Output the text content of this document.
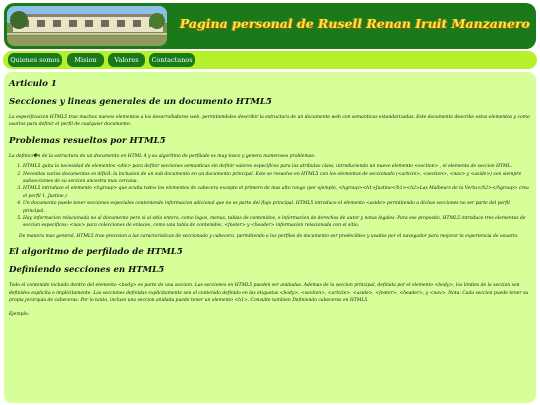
Pagina personal de Rusell Renan Iruit Manzanero
Quienes somos	Mision	Valores	Contactanos
Articulo 1
Secciones y lineas generales de un documento HTML5

La especificacion HTML5 trae muchos nuevos elementos a los desarrolladores web, permitiendoles describir la estructura de un documento web con semanticas estandarizadas. Este documento describe estos elementos y como usarlos para definir el perfil de cualquier documento.

Problemas resueltos por HTML5

La definici�n de la estructura de un documento en HTML 4 y su algoritmo de perfilado es muy tosco y genera numerosos problemas:

1. HTML5 quita la necesidad de elementos <div> para definir secciones semanticas sin definir valores especificos para los atributos class, introduciendo un nuevo elemento <section> , el elemento de seccion HTML.
2. Necesitas varios documentos es dificil: la inclusion de un sub-documento en un documento principal. Este se resuelve en HTML5 con los elementos de seccionado (<article>, <section>, <nav> y <aside>) son siempre subsecciones de su seccion ancestra mas cercana.
3. HTML5 introduce el elemento <hgroup> que oculta todos los elementos de cabecera excepto el primero de mas alto rango (por ejemplo, <hgroup><h1>Justine</h1><h2>Las Malbeurs de la Vertu</h2></hgroup> crea el perfil 1. Justine.)
4. Un documento puede tener secciones especiales conteniendo informacion adicional que no es parte del flujo principal. HTML5 introduce el elemento <aside> permitiendo a dichas secciones no ser parte del perfil principal.
5. Hay informacion relacionada no al documento pero si al sitio entero, como logos, menus, tablas de contenidos, o informacion de derechos de autor y notas legales. Para ese proposito, HTML5 introduce tres elementos de seccion especificos: <nav> para colecciones de enlaces, como una tabla de contenidos, <footer> y <header> informacion relacionada con el sitio.

De manera mas general, HTML5 trae precision a las caracteristicas de seccionado y cabecera, permitiendo a los perfiles de documento ser predecibles y usados por el navegador para mejorar la experiencia de usuario.

El algoritmo de perfilado de HTML5
Definiendo secciones en HTML5

Todo el contenido incluido dentro del elemento <body> es parte de una seccion. Las secciones en HTML5 pueden ser anidadas. Ademas de la seccion principal, definida por el elemento <body>, los limites de la seccion son definidos explicita o implicitamente. Las secciones definidas explicitamente son el contenido definido en las etiquetas <body>, <section>, <article>, <aside>, <footer>, <header>, y <nav>. Nota: Cada seccion puede tener su propia jerarquia de cabeceras. Por lo tanto, incluso una seccion anidada puede tener un elemento <h1>. Consulte tambien Definiendo cabeceras en HTML5.

Ejemplo:
